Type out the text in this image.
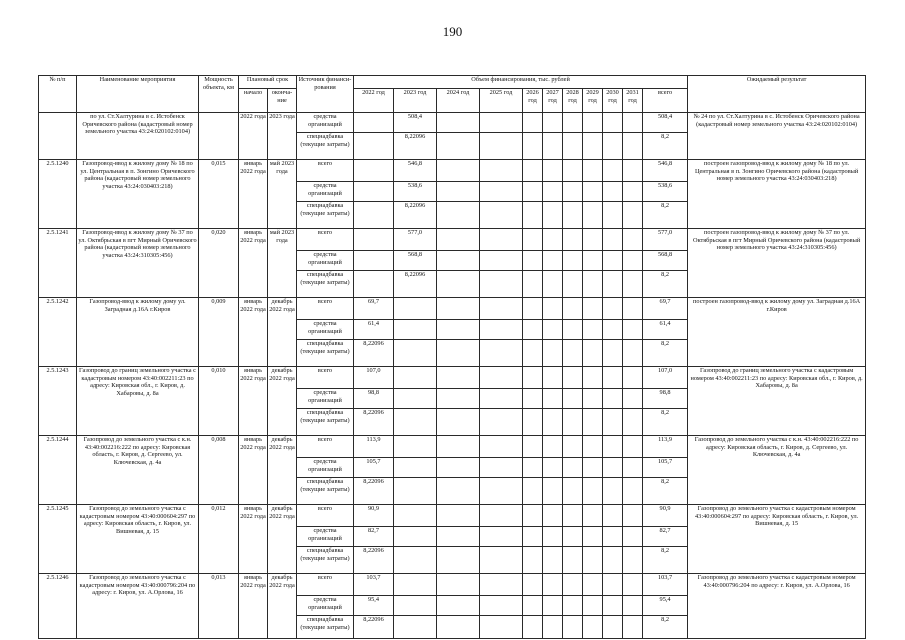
190
№ п/п	Наименование мероприятия	Мощность объекта, км	Плановый срок		Источник финанси-рования	Объем финансирования, тыс. рублей											Ожидаемый результат
			начало	оконча-ние		2022 год	2023 год	2024 год	2025 год	2026 год	2027 год	2028 год	2029 год	2030 год	2031 год	всего	
	по ул. Ст.Халтурина в с. Истобенск Оричевского района (кадастровый номер земельного участка 43:24:020102:0104)		2022 года	2023 года	средства организаций		508,4									508,4	№ 24 по ул. Ст.Халтурина в с. Истобенск Оричевского района (кадастровый номер земельного участка 43:24:020102:0104)
					спецнадбавка (текущие затраты)		8,22096									8,2	
2.5.1240	Газопровод-ввод к жилому дому № 18 по ул. Центральная в п. Зонгино Оричевского района (кадастровый номер земельного участка 43:24:030403:218)	0,015	январь 2022 года	май 2023 года	всего		546,8									546,8	построен газопровод-ввод к жилому дому № 18 по ул. Центральная в п. Зонгино Оричевского района (кадастровый номер земельного участка 43:24:030403:218)
					средства организаций		538,6									538,6	
					спецнадбавка (текущие затраты)		8,22096									8,2	
2.5.1241	Газопровод-ввод к жилому дому № 37 по ул. Октябрьская в пгт Мирный Оричевского района (кадастровый номер земельного участка 43:24:310305:456)	0,020	январь 2022 года	май 2023 года	всего		577,0									577,0	построен газопровод-ввод к жилому дому № 37 по ул. Октябрьская в пгт Мирный Оричевского района (кадастровый номер земельного участка 43:24:310305:456)
					средства организаций		568,8									568,8	
					спецнадбавка (текущие затраты)		8,22096									8,2	
2.5.1242	Газопровод-ввод к жилому дому ул. Заградная д.16А г.Киров	0,009	январь 2022 года	декабрь 2022 года	всего	69,7										69,7	построен газопровод-ввод к жилому дому ул. Заградная д.16А г.Киров
					средства организаций	61,4										61,4	
					спецнадбавка (текущие затраты)	8,22096										8,2	
2.5.1243	Газопровод до границ земельного участка с кадастровым номером 43:40:002211:23 по адресу: Кировская обл., г. Киров, д. Хабаровы, д. 8а	0,010	январь 2022 года	декабрь 2022 года	всего	107,0										107,0	Газопровод до границ земельного участка с кадастровым номером 43:40:002211:23 по адресу: Кировская обл., г. Киров, д. Хабаровы, д. 8а
					средства организаций	98,8										98,8	
					спецнадбавка (текущие затраты)	8,22096										8,2	
2.5.1244	Газопровод до земельного участка с к.н. 43:40:002216:222 по адресу: Кировская область, г. Киров, д. Сергеево, ул. Ключевская, д. 4а	0,008	январь 2022 года	декабрь 2022 года	всего	113,9										113,9	Газопровод до земельного участка с к.н. 43:40:002216:222 по адресу: Кировская область, г. Киров, д. Сергеево, ул. Ключевская, д. 4а
					средства организаций	105,7										105,7	
					спецнадбавка (текущие затраты)	8,22096										8,2	
2.5.1245	Газопровод до земельного участка с кадастровым номером 43:40:000604:297 по адресу: Кировская область, г. Киров, ул. Вишневая, д. 15	0,012	январь 2022 года	декабрь 2022 года	всего	90,9										90,9	Газопровод до земельного участка с кадастровым номером 43:40:000604:297 по адресу: Кировская область, г. Киров, ул. Вишневая, д. 15
					средства организаций	82,7										82,7	
					спецнадбавка (текущие затраты)	8,22096										8,2	
2.5.1246	Газопровод до земельного участка с кадастровым номером 43:40:000796:204 по адресу: г. Киров, ул. А.Орлова, 16	0,013	январь 2022 года	декабрь 2022 года	всего	103,7										103,7	Газопровод до земельного участка с кадастровым номером 43:40:000796:204 по адресу: г. Киров, ул. А.Орлова, 16
					средства организаций	95,4										95,4	
					спецнадбавка (текущие затраты)	8,22096										8,2	
